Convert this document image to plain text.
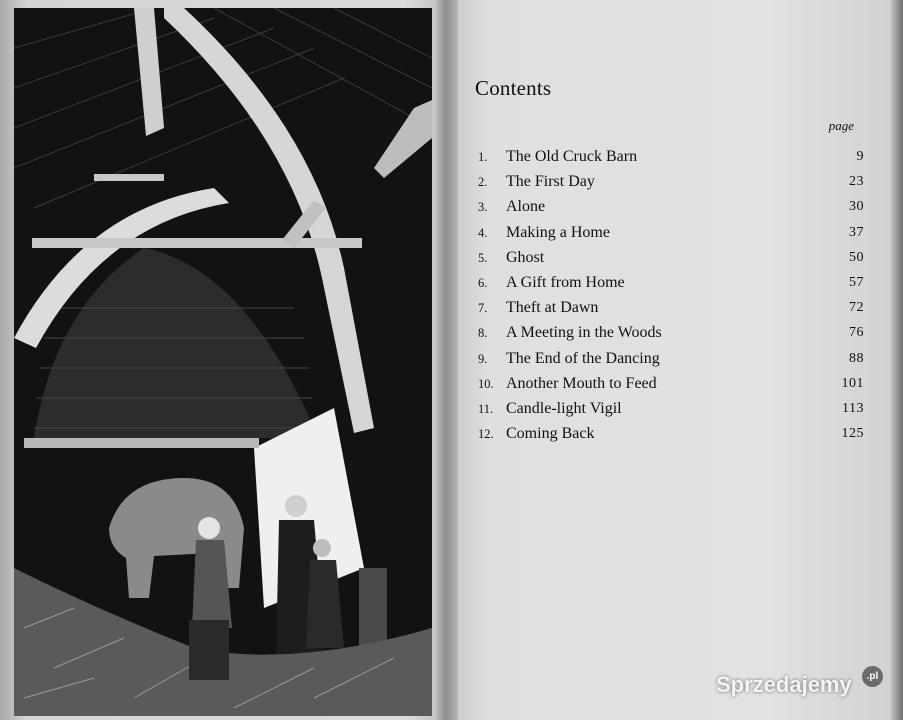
Contents
page
1. The Old Cruck Barn	9
2. The First Day	23
3. Alone	30
4. Making a Home	37
5. Ghost	50
6. A Gift from Home	57
7. Theft at Dawn	72
8. A Meeting in the Woods	76
9. The End of the Dancing	88
10. Another Mouth to Feed	101
11. Candle-light Vigil	113
12. Coming Back	125
Sprzedajemy	.pl
